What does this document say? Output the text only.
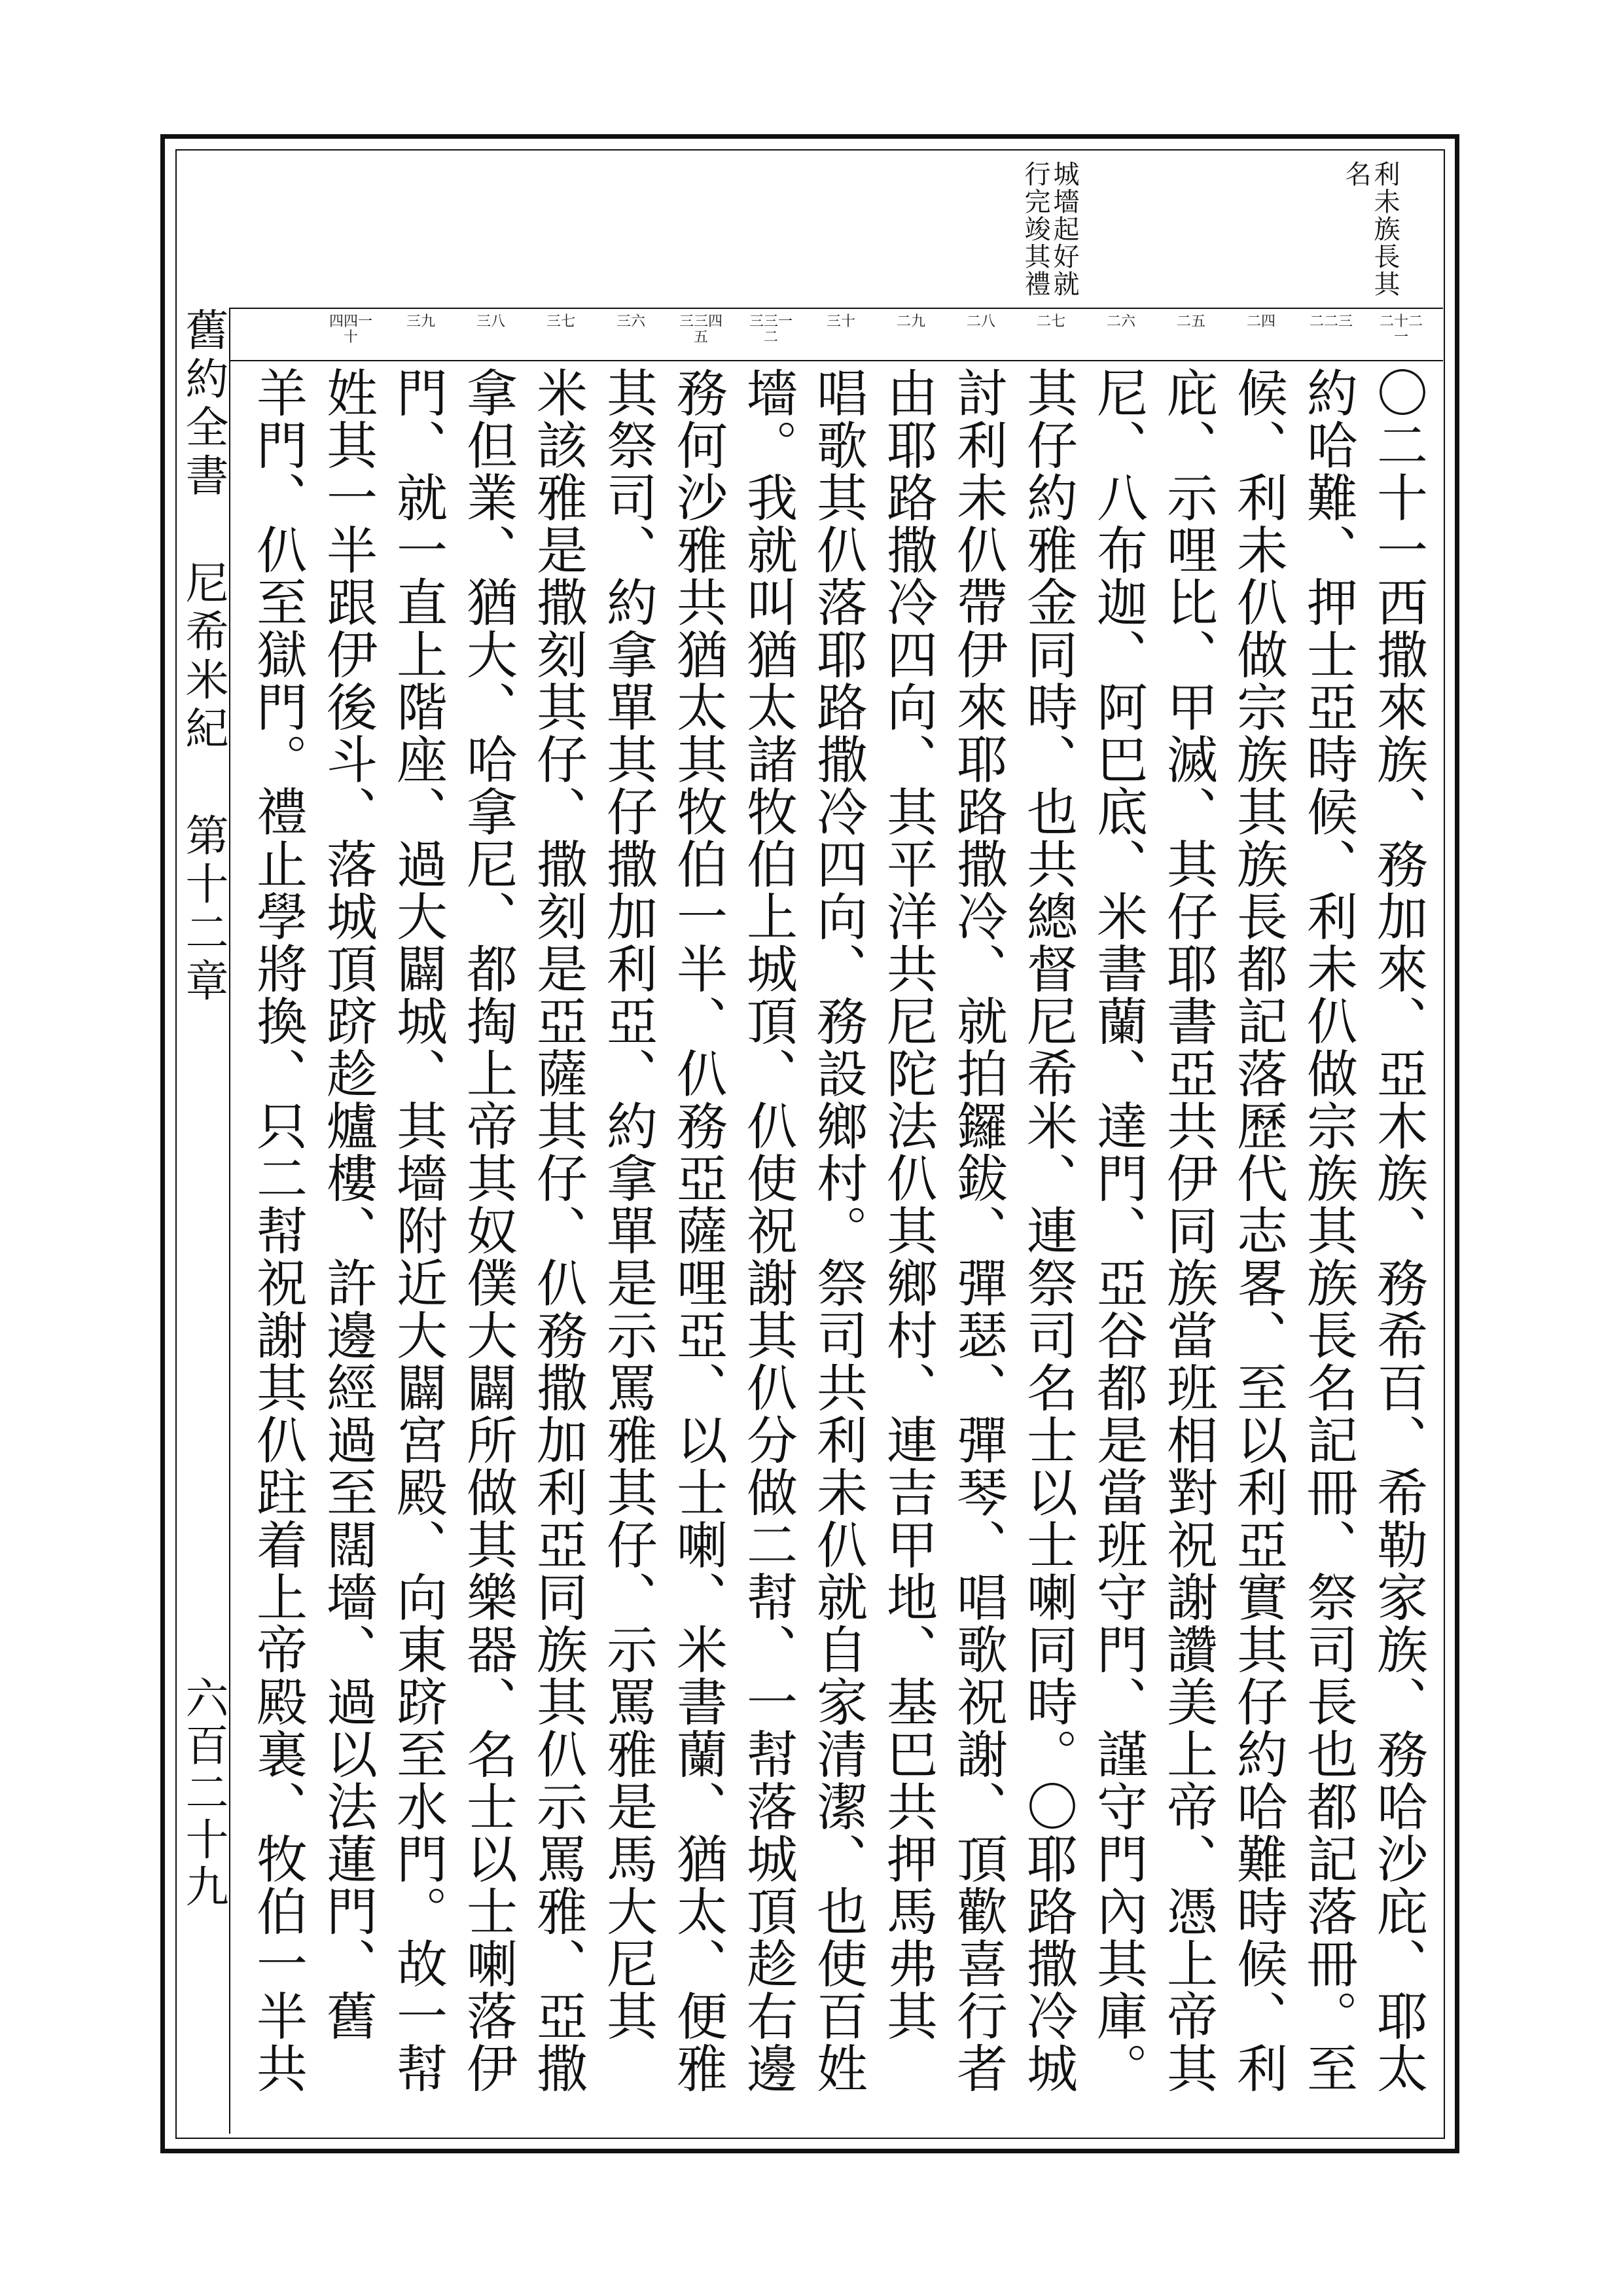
舊約全書
尼希米紀
第十二章
六百二十九
利未族長其名
城墻起好就行完竣其禮
二十二一
二二三
二四
二五
二六
二七
二八
二九
三十
三三一二
三三四五
三六
三七
三八
三九
四四一十
〇二十一西撒來族、務加來、亞木族、務希百、希勒家族、務哈沙庇、耶太
約哈難、押士亞時候、利未仈做宗族其族長名記冊、祭司長也都記落冊。至
候、利未仈做宗族其族長都記落歷代志畧、至以利亞實其仔約哈難時候、利
庇、示哩比、甲滅、其仔耶書亞共伊同族當班相對祝謝讚美上帝、憑上帝其
尼、八布迦、阿巴底、米書蘭、達門、亞谷都是當班守門、謹守門內其庫。
其仔約雅金同時、也共總督尼希米、連祭司名士以士喇同時。〇耶路撒冷城
討利未仈帶伊來耶路撒冷、就拍鑼鈸、彈瑟、彈琴、唱歌祝謝、頂歡喜行者
由耶路撒冷四向、其平洋共尼陀法仈其鄉村、連吉甲地、基巴共押馬弗其
唱歌其仈落耶路撒冷四向、務設鄉村。祭司共利未仈就自家清潔、也使百姓
墻。我就叫猶太諸牧伯上城頂、仈使祝謝其仈分做二幇、一幇落城頂趁右邊
務何沙雅共猶太其牧伯一半、仈務亞薩哩亞、以士喇、米書蘭、猶太、便雅
其祭司、約拿單其仔撒加利亞、約拿單是示罵雅其仔、示罵雅是馬大尼其
米該雅是撒刻其仔、撒刻是亞薩其仔、仈務撒加利亞同族其仈示罵雅、亞撒
拿但業、猶大、哈拿尼、都掏上帝其奴僕大闢所做其樂器、名士以士喇落伊
門、就一直上階座、過大闢城、其墻附近大闢宮殿、向東跻至水門。故一幇
姓其一半跟伊後斗、落城頂跻趁爐樓、許邊經過至闊墻、過以法蓮門、舊
羊門、仈至獄門。禮止學將換、只二幇祝謝其仈跓着上帝殿裏、牧伯一半共
